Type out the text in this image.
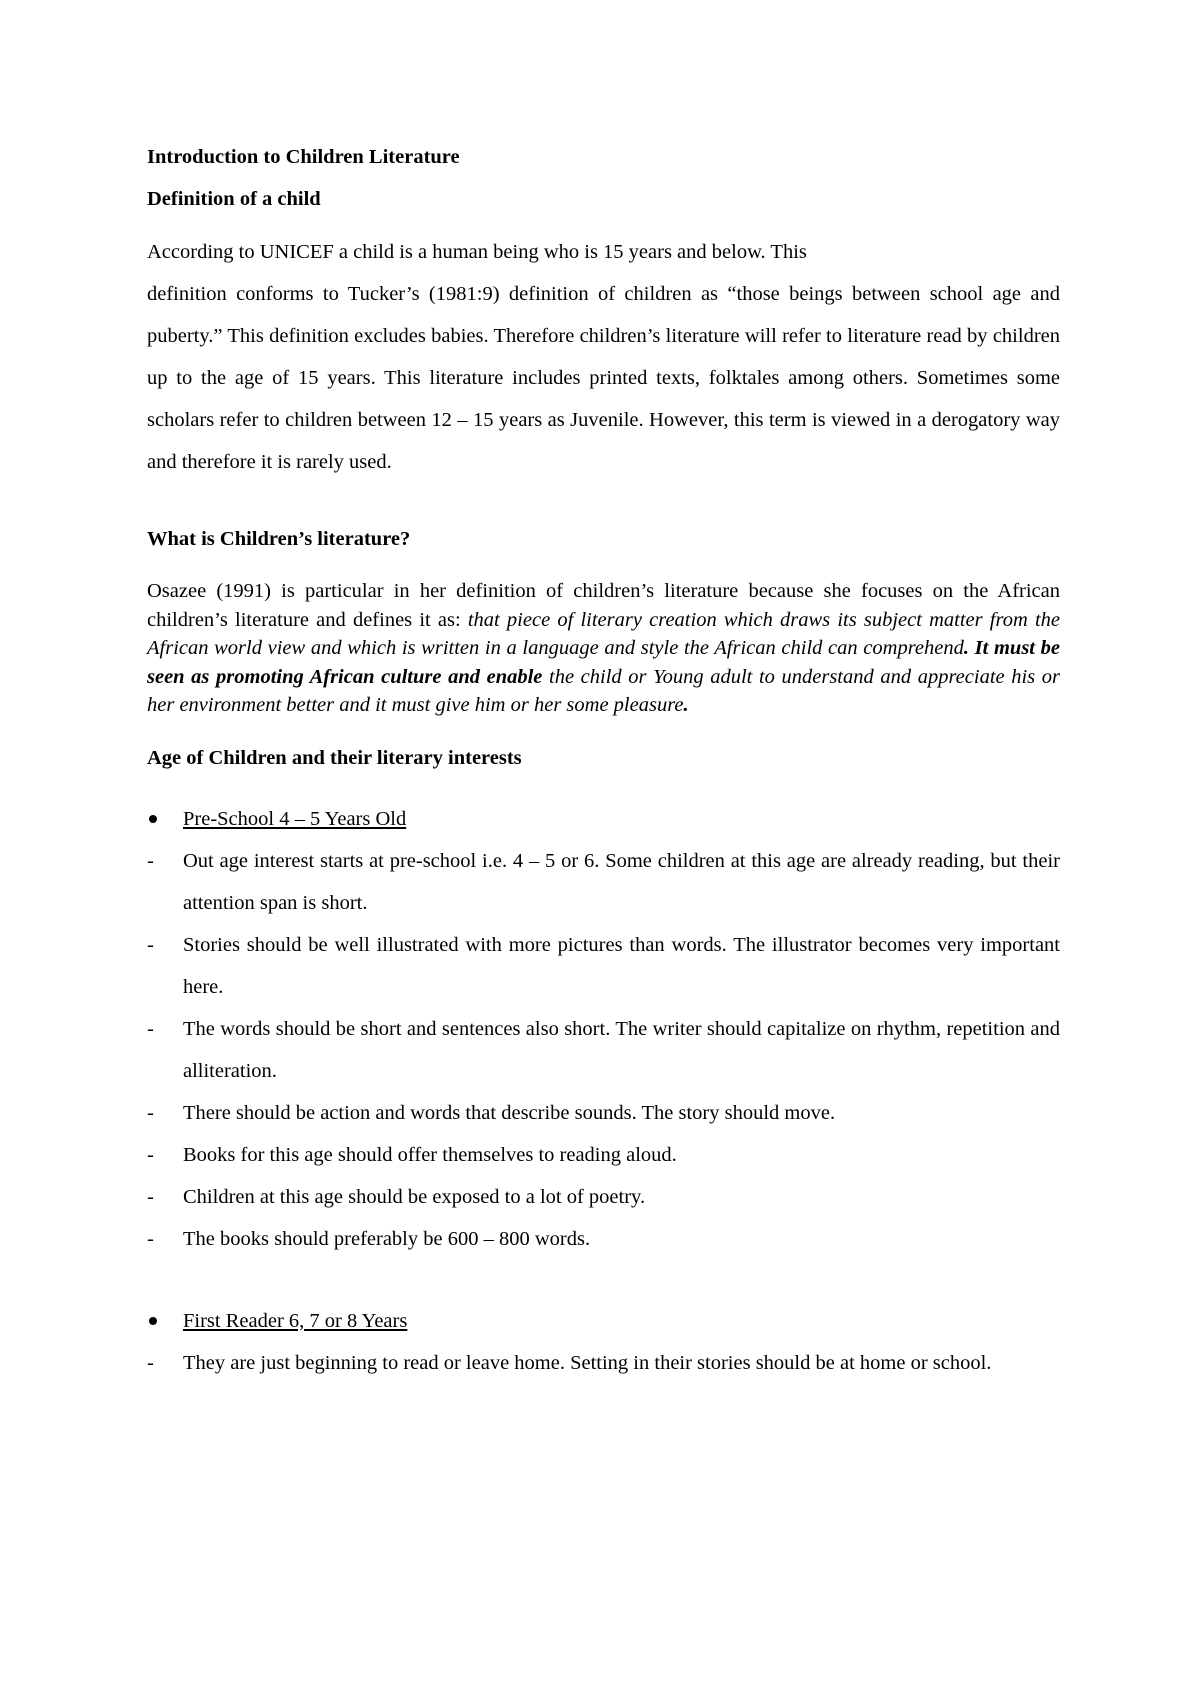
Introduction to Children Literature

Definition of a child

According to UNICEF a child is a human being who is 15 years and below. This
definition conforms to Tucker’s (1981:9) definition of children as “those beings between school age and puberty.” This definition excludes babies. Therefore children’s literature will refer to literature read by children up to the age of 15 years. This literature includes printed texts, folktales among others. Sometimes some scholars refer to children between 12 – 15 years as Juvenile. However, this term is viewed in a derogatory way and therefore it is rarely used.

What is Children’s literature?

Osazee (1991) is particular in her definition of children’s literature because she focuses on the African children’s literature and defines it as: that piece of literary creation which draws its subject matter from the African world view and which is written in a language and style the African child can comprehend. It must be seen as promoting African culture and enable the child or Young adult to understand and appreciate his or her environment better and it must give him or her some pleasure.

Age of Children and their literary interests

Pre-School 4 – 5 Years Old
- Out age interest starts at pre-school i.e. 4 – 5 or 6. Some children at this age are already reading, but their attention span is short.
- Stories should be well illustrated with more pictures than words. The illustrator becomes very important here.
- The words should be short and sentences also short. The writer should capitalize on rhythm, repetition and alliteration.
- There should be action and words that describe sounds. The story should move.
- Books for this age should offer themselves to reading aloud.
- Children at this age should be exposed to a lot of poetry.
- The books should preferably be 600 – 800 words.
First Reader 6, 7 or 8 Years
- They are just beginning to read or leave home. Setting in their stories should be at home or school.
